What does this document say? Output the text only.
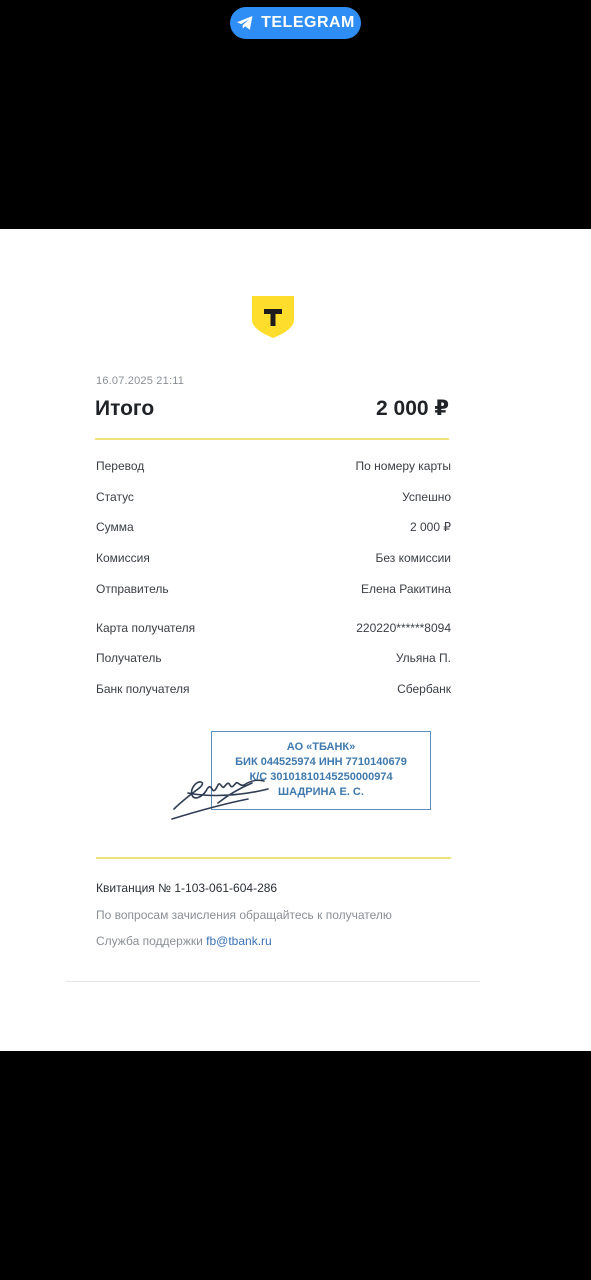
TELEGRAM
16.07.2025 21:11
Итого	2 000 ₽
Перевод	По номеру карты
Статус	Успешно
Сумма	2 000 ₽
Комиссия	Без комиссии
Отправитель	Елена Ракитина
Карта получателя	220220******8094
Получатель	Ульяна П.
Банк получателя	Сбербанк
АО «ТБАНК»
БИК 044525974 ИНН 7710140679
К/С 30101810145250000974
ШАДРИНА Е. С.
Квитанция № 1-103-061-604-286
По вопросам зачисления обращайтесь к получателю
Служба поддержки fb@tbank.ru
